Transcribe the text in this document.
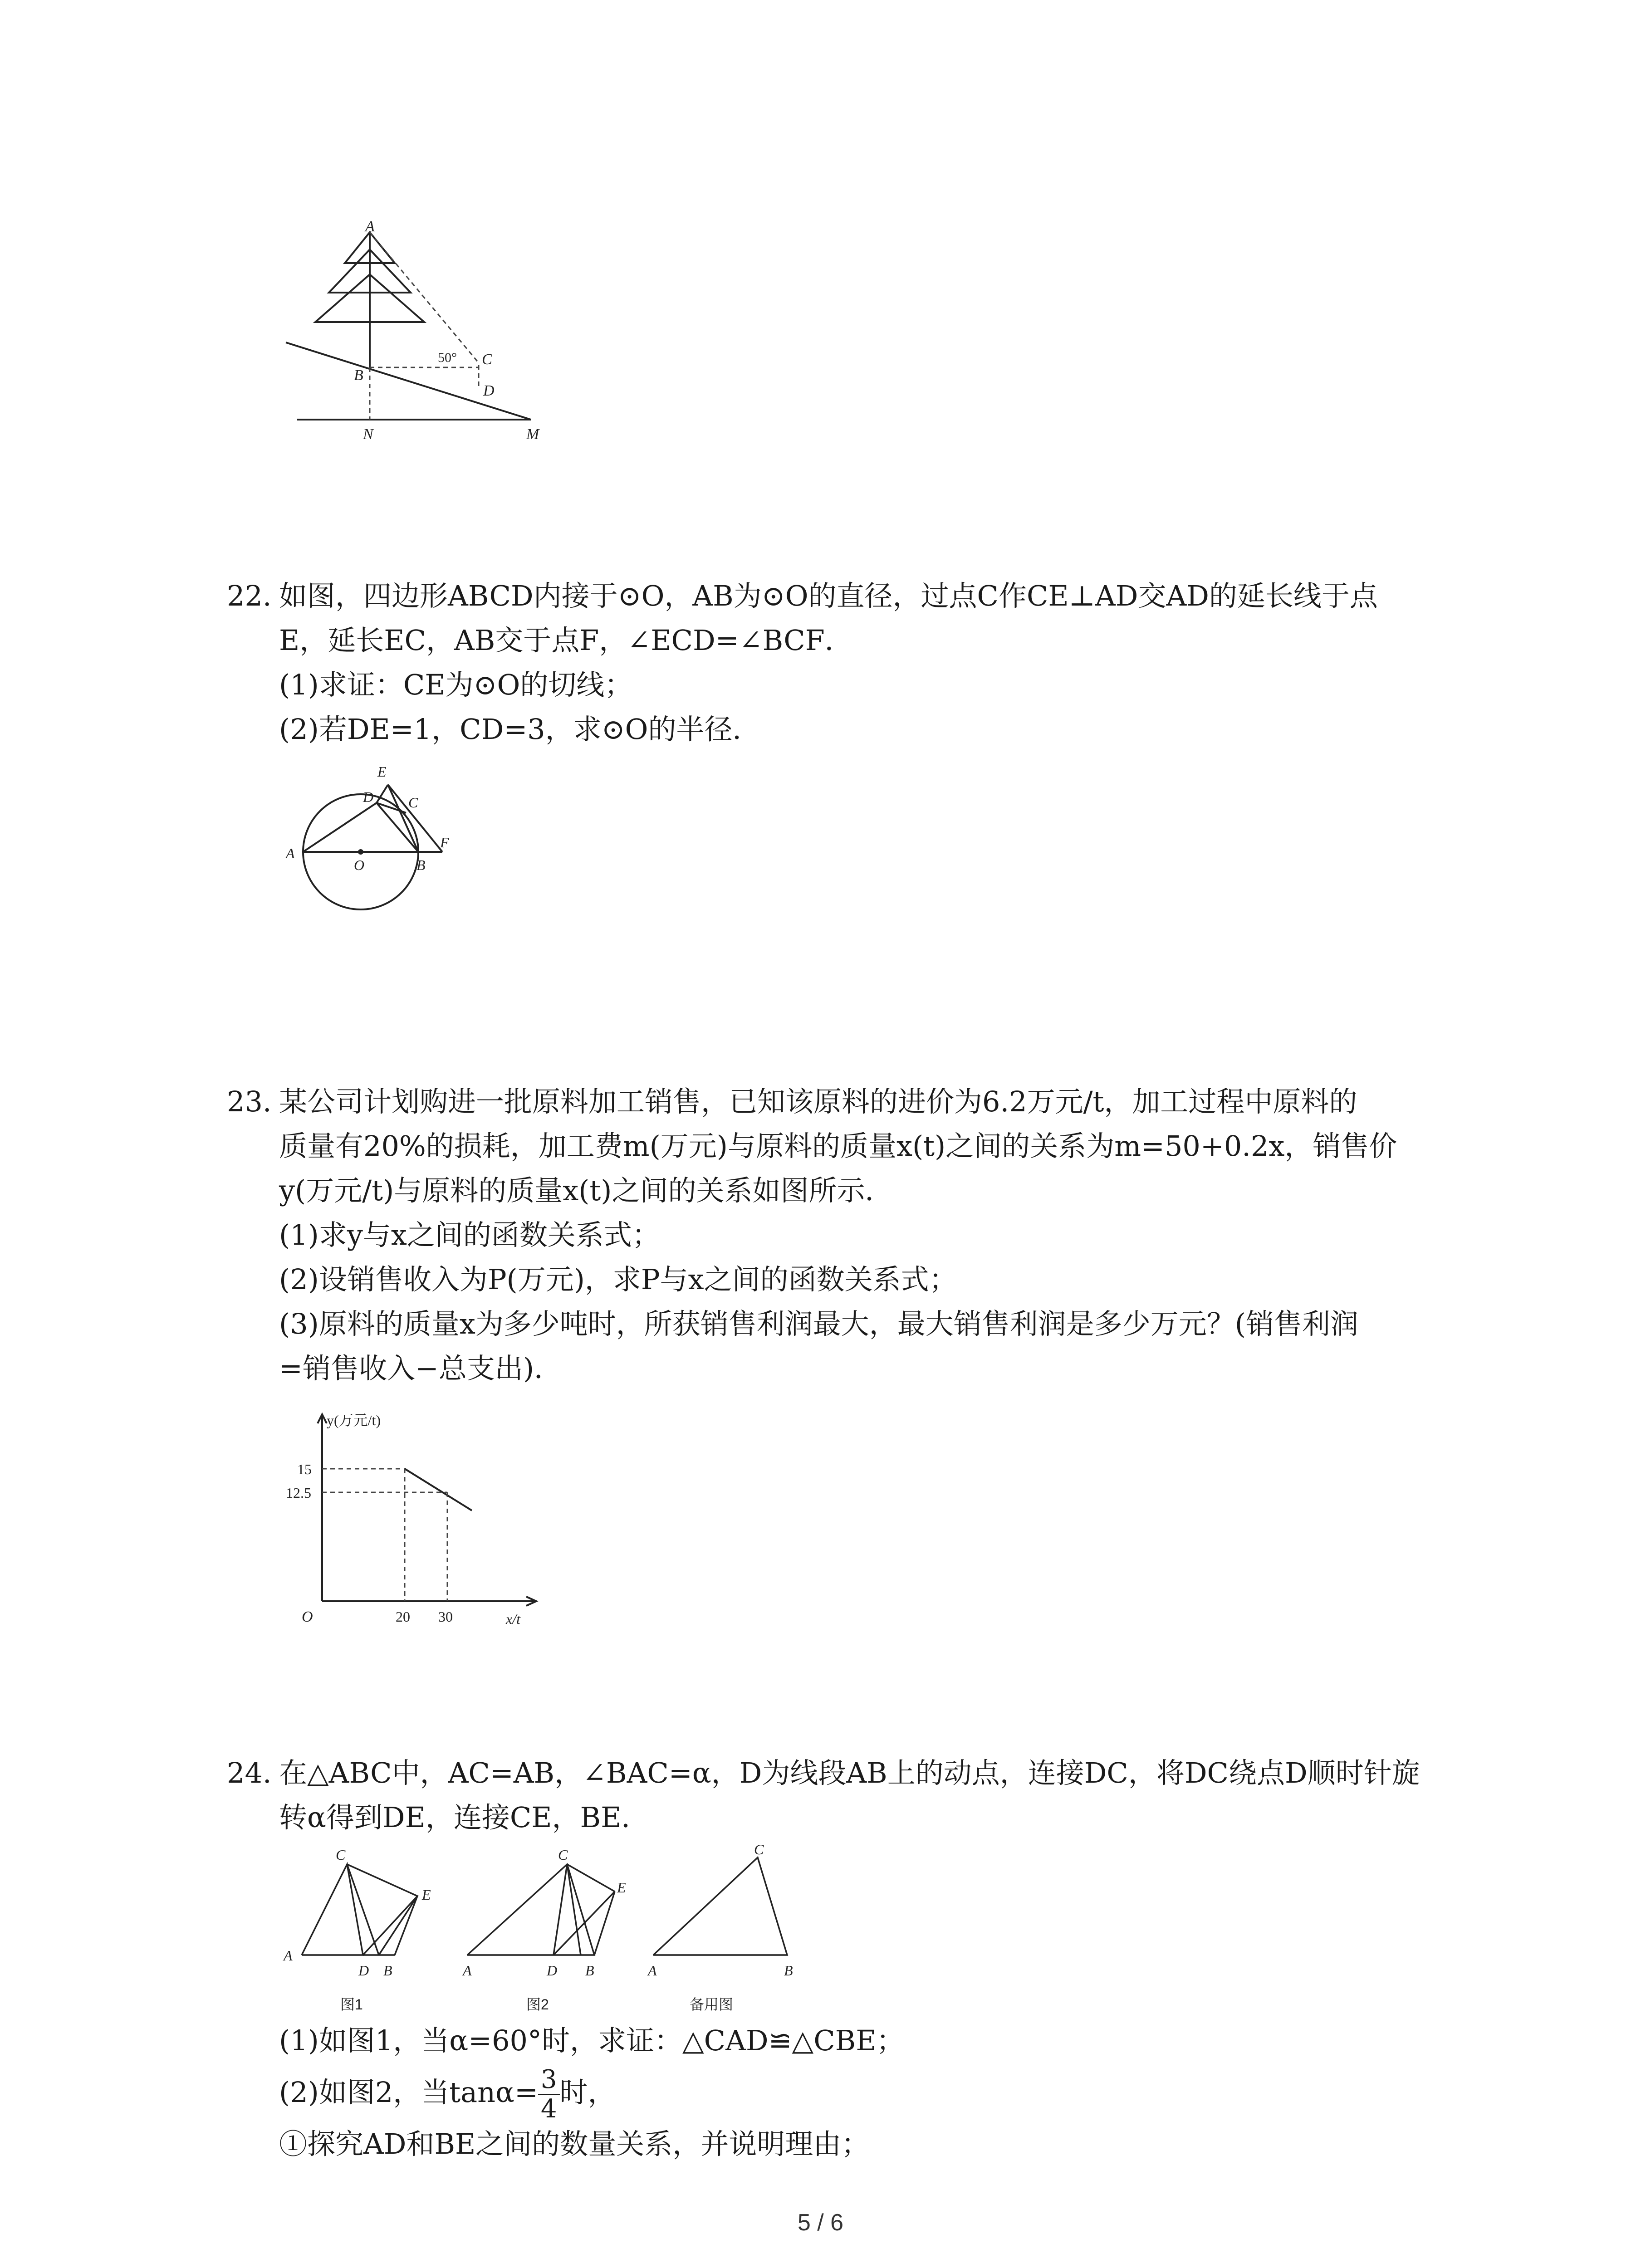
A
B
C
D
N	M
50°
22. 如图，四边形ABCD内接于⊙O，AB为⊙O的直径，过点C作CE⊥AD交AD的延长线于点
E，延长EC，AB交于点F，∠ECD=∠BCF．
(1)求证：CE为⊙O的切线；
(2)若DE=1，CD=3，求⊙O的半径．
A
O	B
F
D
E
C
23. 某公司计划购进一批原料加工销售，已知该原料的进价为6.2万元/t，加工过程中原料的
质量有20%的损耗，加工费m(万元)与原料的质量x(t)之间的关系为m=50+0.2x，销售价
y(万元/t)与原料的质量x(t)之间的关系如图所示．
(1)求y与x之间的函数关系式；
(2)设销售收入为P(万元)，求P与x之间的函数关系式；
(3)原料的质量x为多少吨时，所获销售利润最大，最大销售利润是多少万元？(销售利润
=销售收入−总支出)．
y(万元/t)
15
12.5
O	20 30	x/t
24. 在△ABC中，AC=AB，∠BAC=α，D为线段AB上的动点，连接DC，将DC绕点D顺时针旋
转α得到DE，连接CE，BE．
A
C
E
D B
图1
A
C
E
D B
图2
A
C
B
备用图
(1)如图1，当α=60°时，求证：△CAD≌△CBE；
(2)如图2，当$\tan\alpha= \frac{3}{4}$ 时，
①探究AD和BE之间的数量关系，并说明理由；
5 / 6
